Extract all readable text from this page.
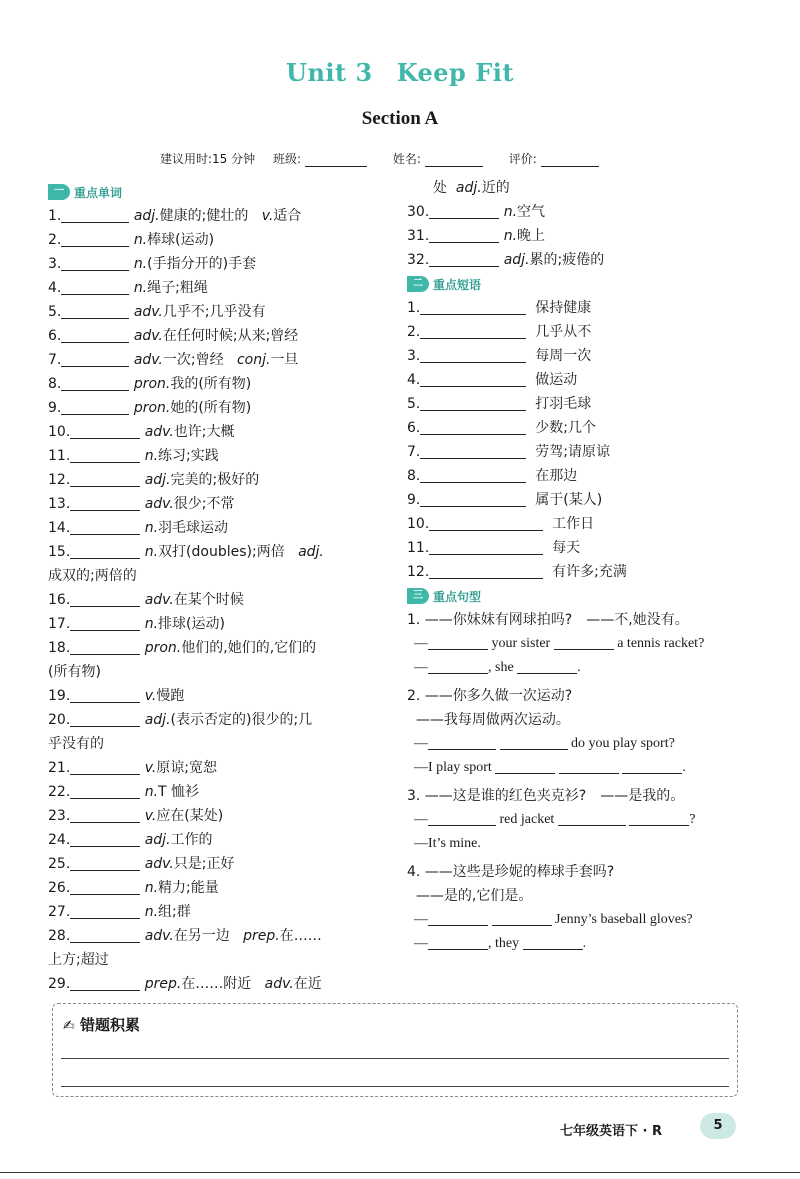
Unit 3 Keep Fit
Section A
建议用时:15 分钟 班级:	姓名:	评价:
一 重点单词
1.	adj.健康的;健壮的 v.适合
2.	n.棒球(运动)
3.	n.(手指分开的)手套
4.	n.绳子;粗绳
5.	adv.几乎不;几乎没有
6.	adv.在任何时候;从来;曾经
7.	adv.一次;曾经 conj.一旦
8.	pron.我的(所有物)
9.	pron.她的(所有物)
10.	adv.也许;大概
11.	n.练习;实践
12.	adj.完美的;极好的
13.	adv.很少;不常
14.	n.羽毛球运动
15.	n.双打(doubles);两倍 adj.
成双的;两倍的
16.	adv.在某个时候
17.	n.排球(运动)
18.	pron.他们的,她们的,它们的
(所有物)
19.	v.慢跑
20.	adj.(表示否定的)很少的;几
乎没有的
21.	v.原谅;宽恕
22.	n.T 恤衫
23.	v.应在(某处)
24.	adj.工作的
25.	adv.只是;正好
26.	n.精力;能量
27.	n.组;群
28.	adv.在另一边 prep.在……
上方;超过
29.	prep.在……附近 adv.在近
处 adj.近的
30.	n.空气
31.	n.晚上
32.	adj.累的;疲倦的
二 重点短语
1.	保持健康
2.	几乎从不
3.	每周一次
4.	做运动
5.	打羽毛球
6.	少数;几个
7.	劳驾;请原谅
8.	在那边
9.	属于(某人)
10.	工作日
11.	每天
12.	有许多;充满
三 重点句型
1. ——你妹妹有网球拍吗?　——不,她没有。
—	your sister	a tennis racket?
—	, she	.
2. ——你多久做一次运动?
——我每周做两次运动。
—	do you play sport?
—I play sport	.
3. ——这是谁的红色夹克衫?　——是我的。
—	red jacket	?
—It’s mine.
4. ——这些是珍妮的棒球手套吗?
——是的,它们是。
—	Jenny’s baseball gloves?
—	, they	.
✍ 错题积累
七年级英语下 · R	5
